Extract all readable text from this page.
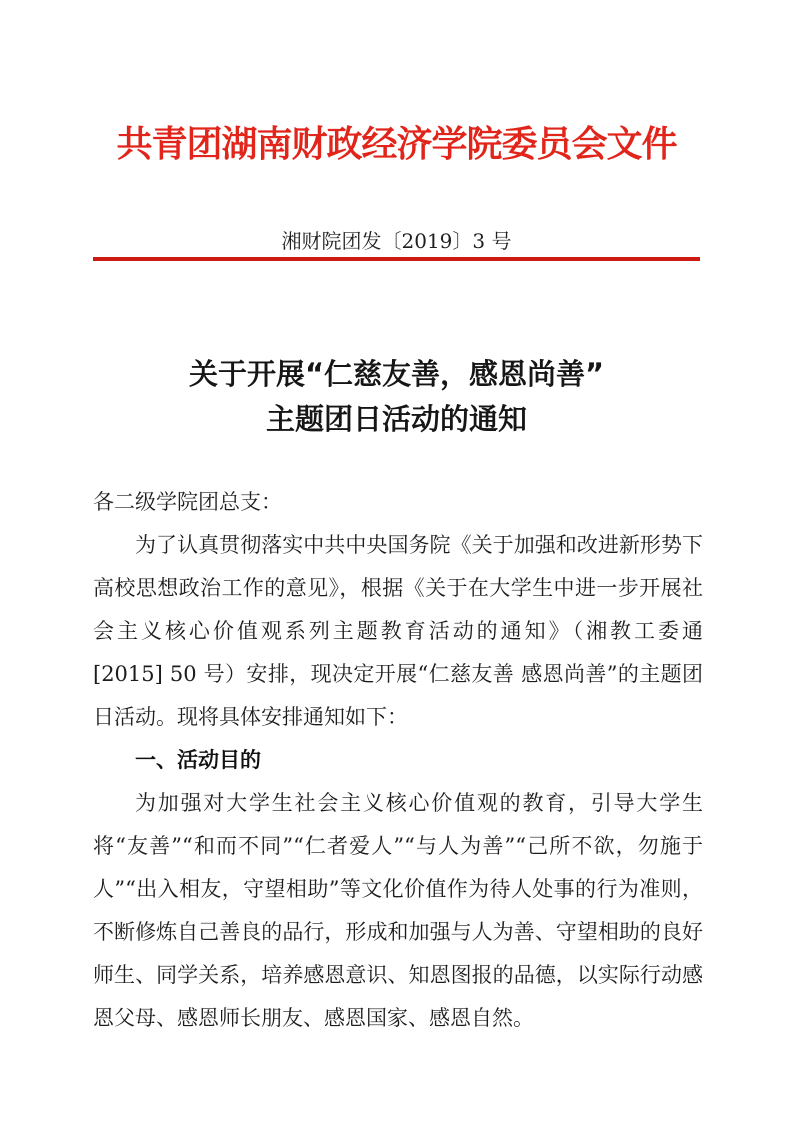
共青团湖南财政经济学院委员会文件
湘财院团发〔2019〕3 号
关于开展“仁慈友善，感恩尚善”
主题团日活动的通知

各二级学院团总支：

为了认真贯彻落实中共中央国务院《关于加强和改进新形势下高校思想政治工作的意见》，根据《关于在大学生中进一步开展社会主义核心价值观系列主题教育活动的通知》（湘教工委通 [2015] 50 号）安排，现决定开展“仁慈友善 感恩尚善”的主题团日活动。现将具体安排通知如下：

一、活动目的

为加强对大学生社会主义核心价值观的教育，引导大学生将“友善”“和而不同”“仁者爱人”“与人为善”“己所不欲，勿施于人”“出入相友，守望相助”等文化价值作为待人处事的行为准则，不断修炼自己善良的品行，形成和加强与人为善、守望相助的良好师生、同学关系，培养感恩意识、知恩图报的品德，以实际行动感恩父母、感恩师长朋友、感恩国家、感恩自然。
